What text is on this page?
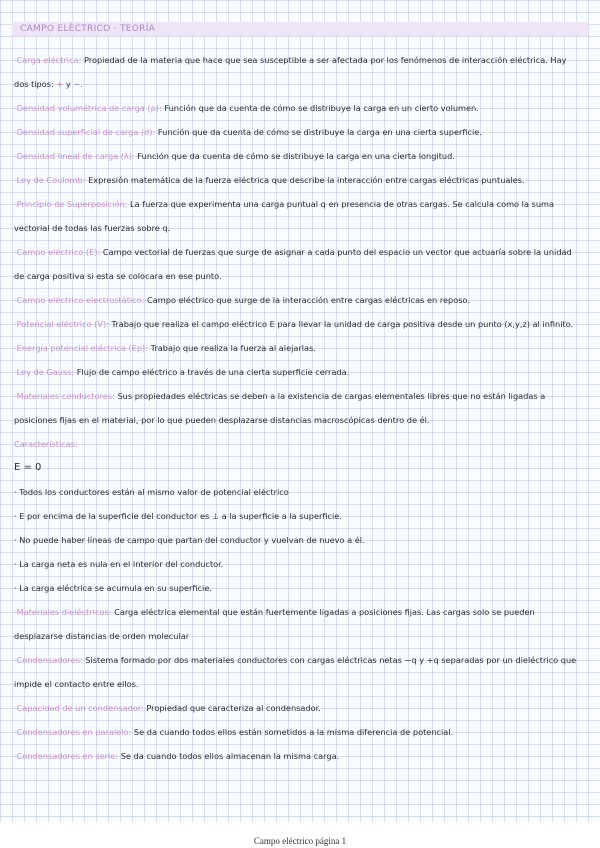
CAMPO ELÉCTRICO · TEORÍA

·Carga eléctrica: Propiedad de la materia que hace que sea susceptible a ser afectada por los fenómenos de interacción eléctrica. Hay dos tipos: + y −.

·Densidad volumétrica de carga (ρ): Función que da cuenta de cómo se distribuye la carga en un cierto volumen.

·Densidad superficial de carga (σ): Función que da cuenta de cómo se distribuye la carga en una cierta superficie.

·Densidad lineal de carga (λ): Función que da cuenta de cómo se distribuye la carga en una cierta longitud.

·Ley de Coulomb: Expresión matemática de la fuerza eléctrica que describe la interacción entre cargas eléctricas puntuales.

·Principio de Superposición: La fuerza que experimenta una carga puntual q en presencia de otras cargas. Se calcula como la suma vectorial de todas las fuerzas sobre q.

·Campo eléctrico (E): Campo vectorial de fuerzas que surge de asignar a cada punto del espacio un vector que actuaría sobre la unidad de carga positiva si esta se colocara en ese punto.

·Campo eléctrico electrostático: Campo eléctrico que surge de la interacción entre cargas eléctricas en reposo.

·Potencial eléctrico (V): Trabajo que realiza el campo eléctrico E para llevar la unidad de carga positiva desde un punto (x,y,z) al infinito.

·Energía potencial eléctrica (Ep): Trabajo que realiza la fuerza al alejarlas.

·Ley de Gauss: Flujo de campo eléctrico a través de una cierta superficie cerrada.

·Materiales conductores: Sus propiedades eléctricas se deben a la existencia de cargas elementales libres que no están ligadas a posiciones fijas en el material, por lo que pueden desplazarse distancias macroscópicas dentro de él.

Características:

E = 0

· Todos los conductores están al mismo valor de potencial eléctrico

· E por encima de la superficie del conductor es ⊥ a la superficie a la superficie.

· No puede haber líneas de campo que partan del conductor y vuelvan de nuevo a él.

· La carga neta es nula en el interior del conductor.

· La carga eléctrica se acumula en su superficie.

·Materiales dieléctricos: Carga eléctrica elemental que están fuertemente ligadas a posiciones fijas. Las cargas solo se pueden desplazarse distancias de orden molecular

·Condensadores: Sistema formado por dos materiales conductores con cargas eléctricas netas −q y +q separadas por un dieléctrico que impide el contacto entre ellos.

·Capacidad de un condensador: Propiedad que caracteriza al condensador.

·Condensadores en paralelo: Se da cuando todos ellos están sometidos a la misma diferencia de potencial.

·Condensadores en serie: Se da cuando todos ellos almacenan la misma carga.

Campo eléctrico página 1
